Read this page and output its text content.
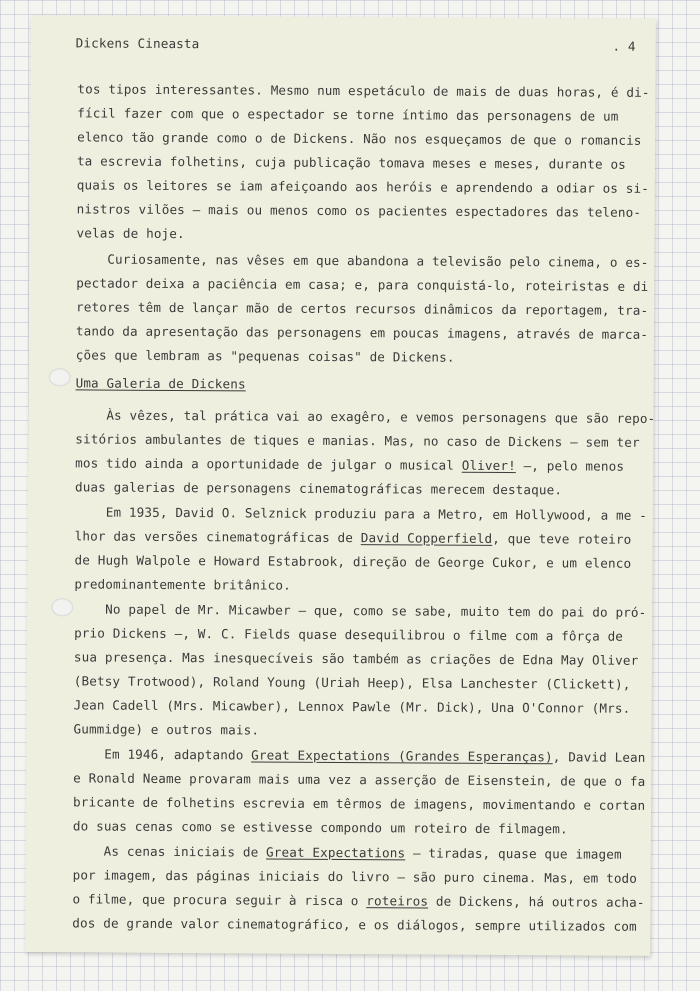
Dickens Cineasta	. 4
tos tipos interessantes. Mesmo num espetáculo de mais de duas horas, é di-
fícil fazer com que o espectador se torne íntimo das personagens de um
elenco tão grande como o de Dickens. Não nos esqueçamos de que o romancis
ta escrevia folhetins, cuja publicação tomava meses e meses, durante os
quais os leitores se iam afeiçoando aos heróis e aprendendo a odiar os si-
nistros vilões — mais ou menos como os pacientes espectadores das teleno-
velas de hoje.
Curiosamente, nas vêses em que abandona a televisão pelo cinema, o es-
pectador deixa a paciência em casa; e, para conquistá-lo, roteiristas e di
retores têm de lançar mão de certos recursos dinâmicos da reportagem, tra-
tando da apresentação das personagens em poucas imagens, através de marca-
ções que lembram as "pequenas coisas" de Dickens.
Uma Galeria de Dickens
Às vêzes, tal prática vai ao exagêro, e vemos personagens que são repo-
sitórios ambulantes de tiques e manias. Mas, no caso de Dickens — sem ter
mos tido ainda a oportunidade de julgar o musical Oliver! —, pelo menos
duas galerias de personagens cinematográficas merecem destaque.
Em 1935, David O. Selznick produziu para a Metro, em Hollywood, a me -
lhor das versões cinematográficas de David Copperfield, que teve roteiro
de Hugh Walpole e Howard Estabrook, direção de George Cukor, e um elenco
predominantemente britânico.
No papel de Mr. Micawber — que, como se sabe, muito tem do pai do pró-
prio Dickens —, W. C. Fields quase desequilibrou o filme com a fôrça de
sua presença. Mas inesquecíveis são também as criações de Edna May Oliver
(Betsy Trotwood), Roland Young (Uriah Heep), Elsa Lanchester (Clickett),
Jean Cadell (Mrs. Micawber), Lennox Pawle (Mr. Dick), Una O'Connor (Mrs.
Gummidge) e outros mais.
Em 1946, adaptando Great Expectations (Grandes Esperanças), David Lean
e Ronald Neame provaram mais uma vez a asserção de Eisenstein, de que o fa
bricante de folhetins escrevia em têrmos de imagens, movimentando e cortan
do suas cenas como se estivesse compondo um roteiro de filmagem.
As cenas iniciais de Great Expectations — tiradas, quase que imagem
por imagem, das páginas iniciais do livro — são puro cinema. Mas, em todo
o filme, que procura seguir à risca o roteiros de Dickens, há outros acha-
dos de grande valor cinematográfico, e os diálogos, sempre utilizados com
